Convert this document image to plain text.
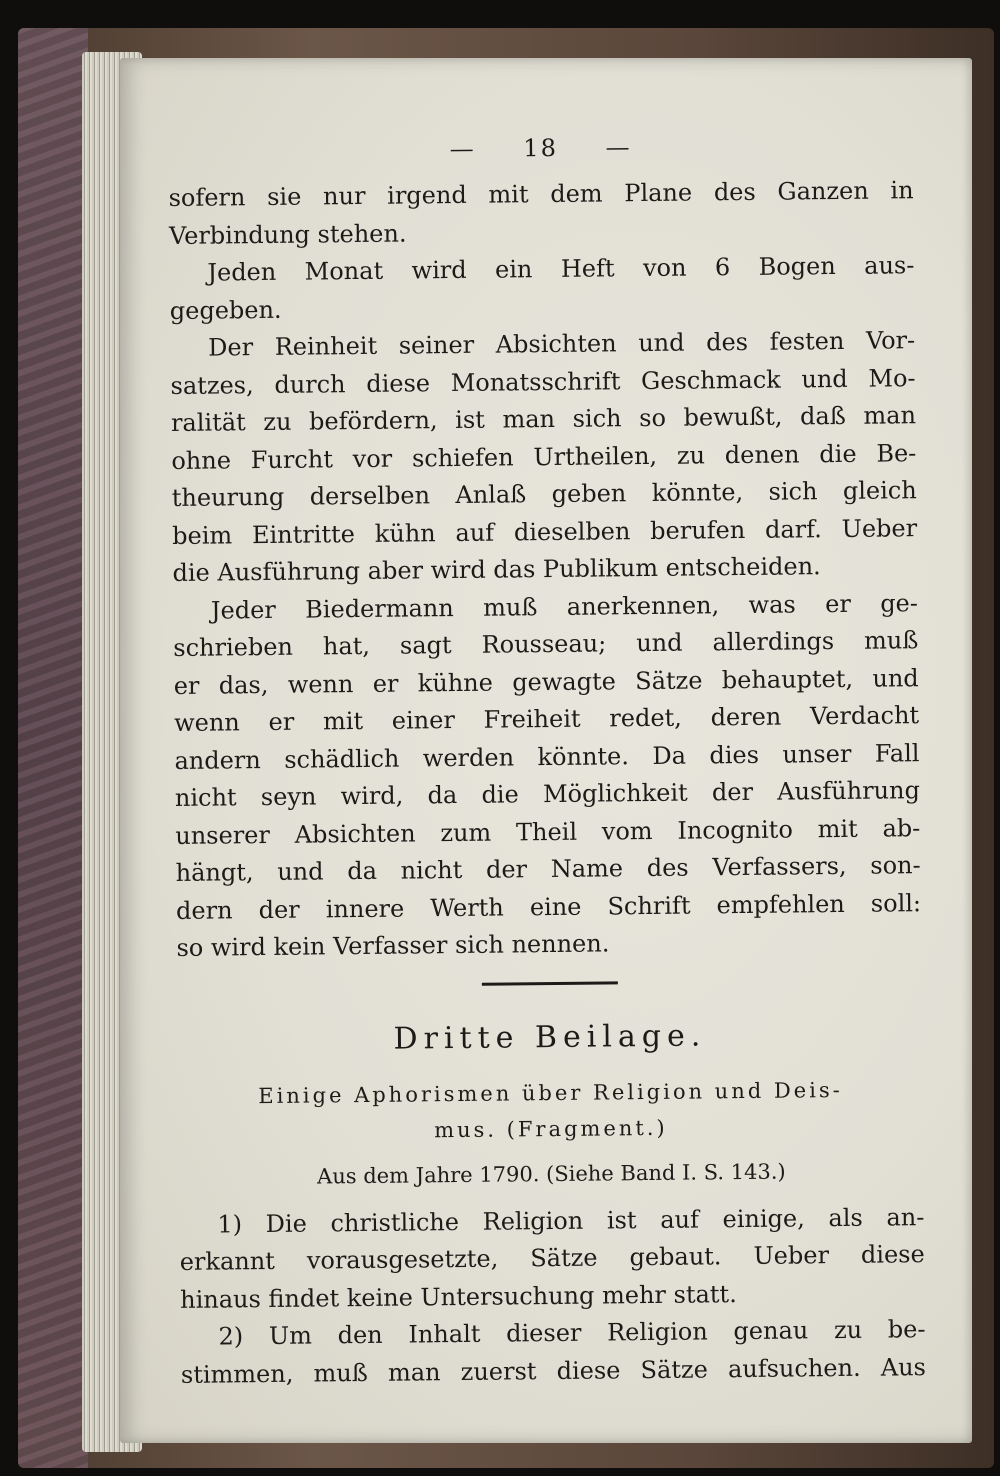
— 18 —
sofern sie nur irgend mit dem Plane des Ganzen in
Verbindung stehen.
Jeden Monat wird ein Heft von 6 Bogen aus-
gegeben.
Der Reinheit seiner Absichten und des festen Vor-
satzes, durch diese Monatsschrift Geschmack und Mo-
ralität zu befördern, ist man sich so bewußt, daß man
ohne Furcht vor schiefen Urtheilen, zu denen die Be-
theurung derselben Anlaß geben könnte, sich gleich
beim Eintritte kühn auf dieselben berufen darf. Ueber
die Ausführung aber wird das Publikum entscheiden.
Jeder Biedermann muß anerkennen, was er ge-
schrieben hat, sagt Rousseau; und allerdings muß
er das, wenn er kühne gewagte Sätze behauptet, und
wenn er mit einer Freiheit redet, deren Verdacht
andern schädlich werden könnte. Da dies unser Fall
nicht seyn wird, da die Möglichkeit der Ausführung
unserer Absichten zum Theil vom Incognito mit ab-
hängt, und da nicht der Name des Verfassers, son-
dern der innere Werth eine Schrift empfehlen soll:
so wird kein Verfasser sich nennen.
Dritte Beilage.
Einige Aphorismen über Religion und Deis-
mus. (Fragment.)
Aus dem Jahre 1790. (Siehe Band I. S. 143.)
1) Die christliche Religion ist auf einige, als an-
erkannt vorausgesetzte, Sätze gebaut. Ueber diese
hinaus findet keine Untersuchung mehr statt.
2) Um den Inhalt dieser Religion genau zu be-
stimmen, muß man zuerst diese Sätze aufsuchen. Aus
